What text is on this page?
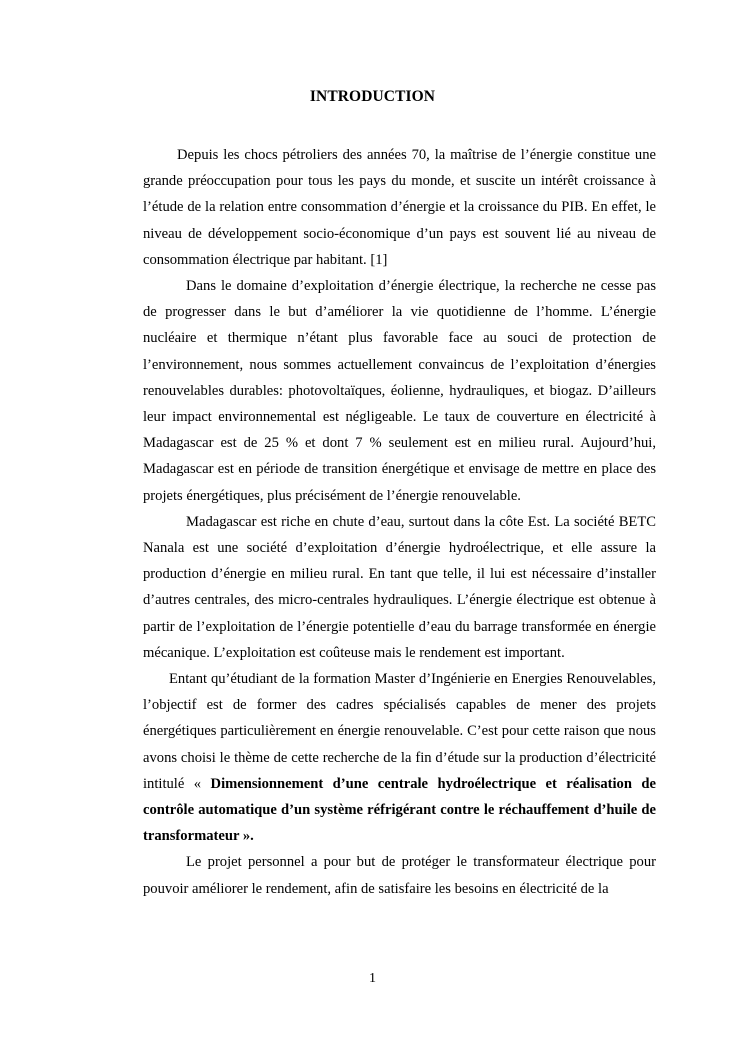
INTRODUCTION

Depuis les chocs pétroliers des années 70, la maîtrise de l’énergie constitue une grande préoccupation pour tous les pays du monde, et suscite un intérêt croissance à l’étude de la relation entre consommation d’énergie et la croissance du PIB. En effet, le niveau de développement socio-économique d’un pays est souvent lié au niveau de consommation électrique par habitant. [1]

Dans le domaine d’exploitation d’énergie électrique, la recherche ne cesse pas de progresser dans le but d’améliorer la vie quotidienne de l’homme. L’énergie nucléaire et thermique n’étant plus favorable face au souci de protection de l’environnement, nous sommes actuellement convaincus de l’exploitation d’énergies renouvelables durables: photovoltaïques, éolienne, hydrauliques, et biogaz. D’ailleurs leur impact environnemental est négligeable. Le taux de couverture en électricité à Madagascar est de 25 % et dont 7 % seulement est en milieu rural. Aujourd’hui, Madagascar est en période de transition énergétique et envisage de mettre en place des projets énergétiques, plus précisément de l’énergie renouvelable.

Madagascar est riche en chute d’eau, surtout dans la côte Est. La société BETC Nanala est une société d’exploitation d’énergie hydroélectrique, et elle assure la production d’énergie en milieu rural. En tant que telle, il lui est nécessaire d’installer d’autres centrales, des micro-centrales hydrauliques. L’énergie électrique est obtenue à partir de l’exploitation de l’énergie potentielle d’eau du barrage transformée en énergie mécanique. L’exploitation est coûteuse mais le rendement est important.

Entant qu’étudiant de la formation Master d’Ingénierie en Energies Renouvelables, l’objectif est de former des cadres spécialisés capables de mener des projets énergétiques particulièrement en énergie renouvelable. C’est pour cette raison que nous avons choisi le thème de cette recherche de la fin d’étude sur la production d’électricité intitulé « Dimensionnement d’une centrale hydroélectrique et réalisation de contrôle automatique d’un système réfrigérant contre le réchauffement d’huile de transformateur ».

Le projet personnel a pour but de protéger le transformateur électrique pour pouvoir améliorer le rendement, afin de satisfaire les besoins en électricité de la

1
